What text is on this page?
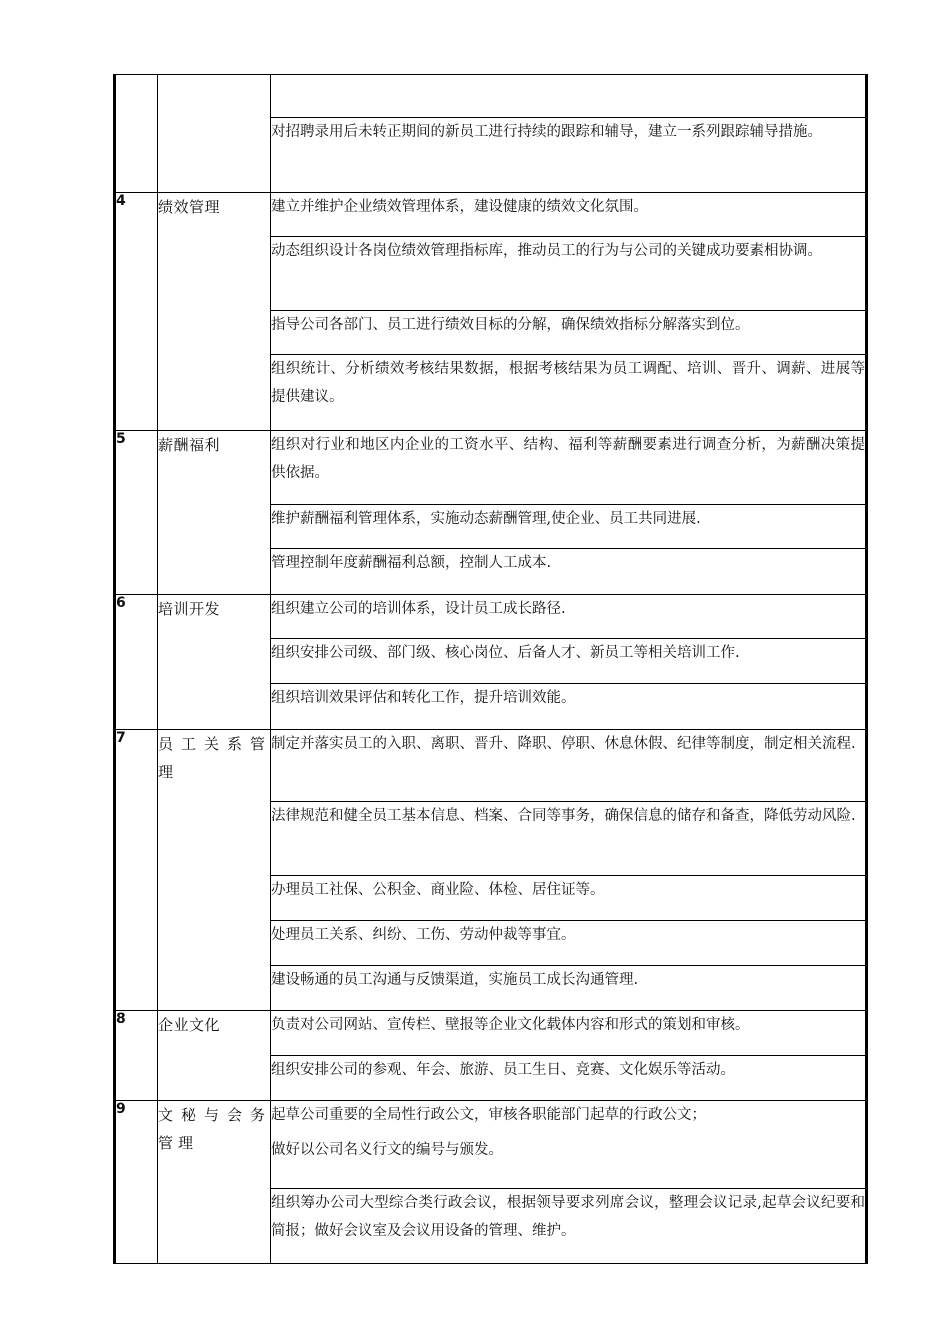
		对招聘录用后未转正期间的新员工进行持续的跟踪和辅导，建立一系列跟踪辅导措施。
4	绩效管理	建立并维护企业绩效管理体系，建设健康的绩效文化氛围。
		动态组织设计各岗位绩效管理指标库，推动员工的行为与公司的关键成功要素相协调。
		指导公司各部门、员工进行绩效目标的分解，确保绩效指标分解落实到位。
		组织统计、分析绩效考核结果数据，根据考核结果为员工调配、培训、晋升、调薪、进展等提供建议。
5	薪酬福利	组织对行业和地区内企业的工资水平、结构、福利等薪酬要素进行调查分析，为薪酬决策提供依据。
		维护薪酬福利管理体系，实施动态薪酬管理,使企业、员工共同进展.
		管理控制年度薪酬福利总额，控制人工成本.
6	培训开发	组织建立公司的培训体系，设计员工成长路径.
		组织安排公司级、部门级、核心岗位、后备人才、新员工等相关培训工作.
		组织培训效果评估和转化工作，提升培训效能。
7	员工关系管理	制定并落实员工的入职、离职、晋升、降职、停职、休息休假、纪律等制度，制定相关流程.
		法律规范和健全员工基本信息、档案、合同等事务，确保信息的储存和备查，降低劳动风险.
		办理员工社保、公积金、商业险、体检、居住证等。
		处理员工关系、纠纷、工伤、劳动仲裁等事宜。
		建设畅通的员工沟通与反馈渠道，实施员工成长沟通管理.
8	企业文化	负责对公司网站、宣传栏、壁报等企业文化载体内容和形式的策划和审核。
		组织安排公司的参观、年会、旅游、员工生日、竞赛、文化娱乐等活动。
9	文秘与会务管理	起草公司重要的全局性行政公文，审核各职能部门起草的行政公文；
做好以公司名义行文的编号与颁发。

		组织筹办公司大型综合类行政会议，根据领导要求列席会议，整理会议记录,起草会议纪要和简报；做好会议室及会议用设备的管理、维护。
